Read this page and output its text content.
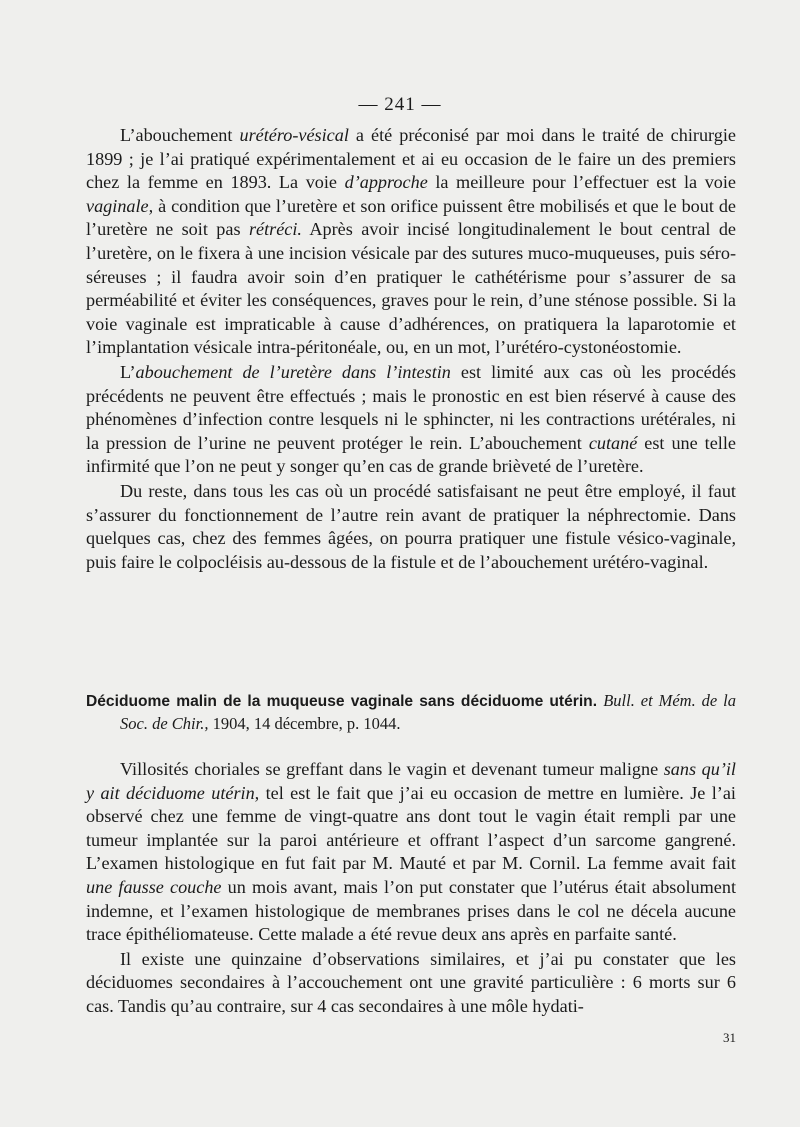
— 241 —

L’abouchement urétéro-vésical a été préconisé par moi dans le traité de chirurgie 1899 ; je l’ai pratiqué expérimentalement et ai eu occasion de le faire un des premiers chez la femme en 1893. La voie d’approche la meilleure pour l’effectuer est la voie vaginale, à condition que l’uretère et son orifice puissent être mobilisés et que le bout de l’uretère ne soit pas rétréci. Après avoir incisé longitudinalement le bout central de l’uretère, on le fixera à une incision vésicale par des sutures muco-muqueuses, puis séro-séreuses ; il faudra avoir soin d’en pratiquer le cathétérisme pour s’assurer de sa perméabilité et éviter les conséquences, graves pour le rein, d’une sténose possible. Si la voie vaginale est impraticable à cause d’adhérences, on pratiquera la laparotomie et l’implantation vésicale intra-péritonéale, ou, en un mot, l’urétéro-cystonéostomie.

L’abouchement de l’uretère dans l’intestin est limité aux cas où les procédés précédents ne peuvent être effectués ; mais le pronostic en est bien réservé à cause des phénomènes d’infection contre lesquels ni le sphincter, ni les contractions urétérales, ni la pression de l’urine ne peuvent protéger le rein. L’abouchement cutané est une telle infirmité que l’on ne peut y songer qu’en cas de grande brièveté de l’uretère.

Du reste, dans tous les cas où un procédé satisfaisant ne peut être employé, il faut s’assurer du fonctionnement de l’autre rein avant de pratiquer la néphrectomie. Dans quelques cas, chez des femmes âgées, on pourra pratiquer une fistule vésico-vaginale, puis faire le colpocléisis au-dessous de la fistule et de l’abouchement urétéro-vaginal.

Déciduome malin de la muqueuse vaginale sans déciduome utérin. Bull. et Mém. de la Soc. de Chir., 1904, 14 décembre, p. 1044.

Villosités choriales se greffant dans le vagin et devenant tumeur maligne sans qu’il y ait déciduome utérin, tel est le fait que j’ai eu occasion de mettre en lumière. Je l’ai observé chez une femme de vingt-quatre ans dont tout le vagin était rempli par une tumeur implantée sur la paroi antérieure et offrant l’aspect d’un sarcome gangrené. L’examen histologique en fut fait par M. Mauté et par M. Cornil. La femme avait fait une fausse couche un mois avant, mais l’on put constater que l’utérus était absolument indemne, et l’examen histologique de membranes prises dans le col ne décela aucune trace épithéliomateuse. Cette malade a été revue deux ans après en parfaite santé.

Il existe une quinzaine d’observations similaires, et j’ai pu constater que les déciduomes secondaires à l’accouchement ont une gravité particulière : 6 morts sur 6 cas. Tandis qu’au contraire, sur 4 cas secondaires à une môle hydati-

31
